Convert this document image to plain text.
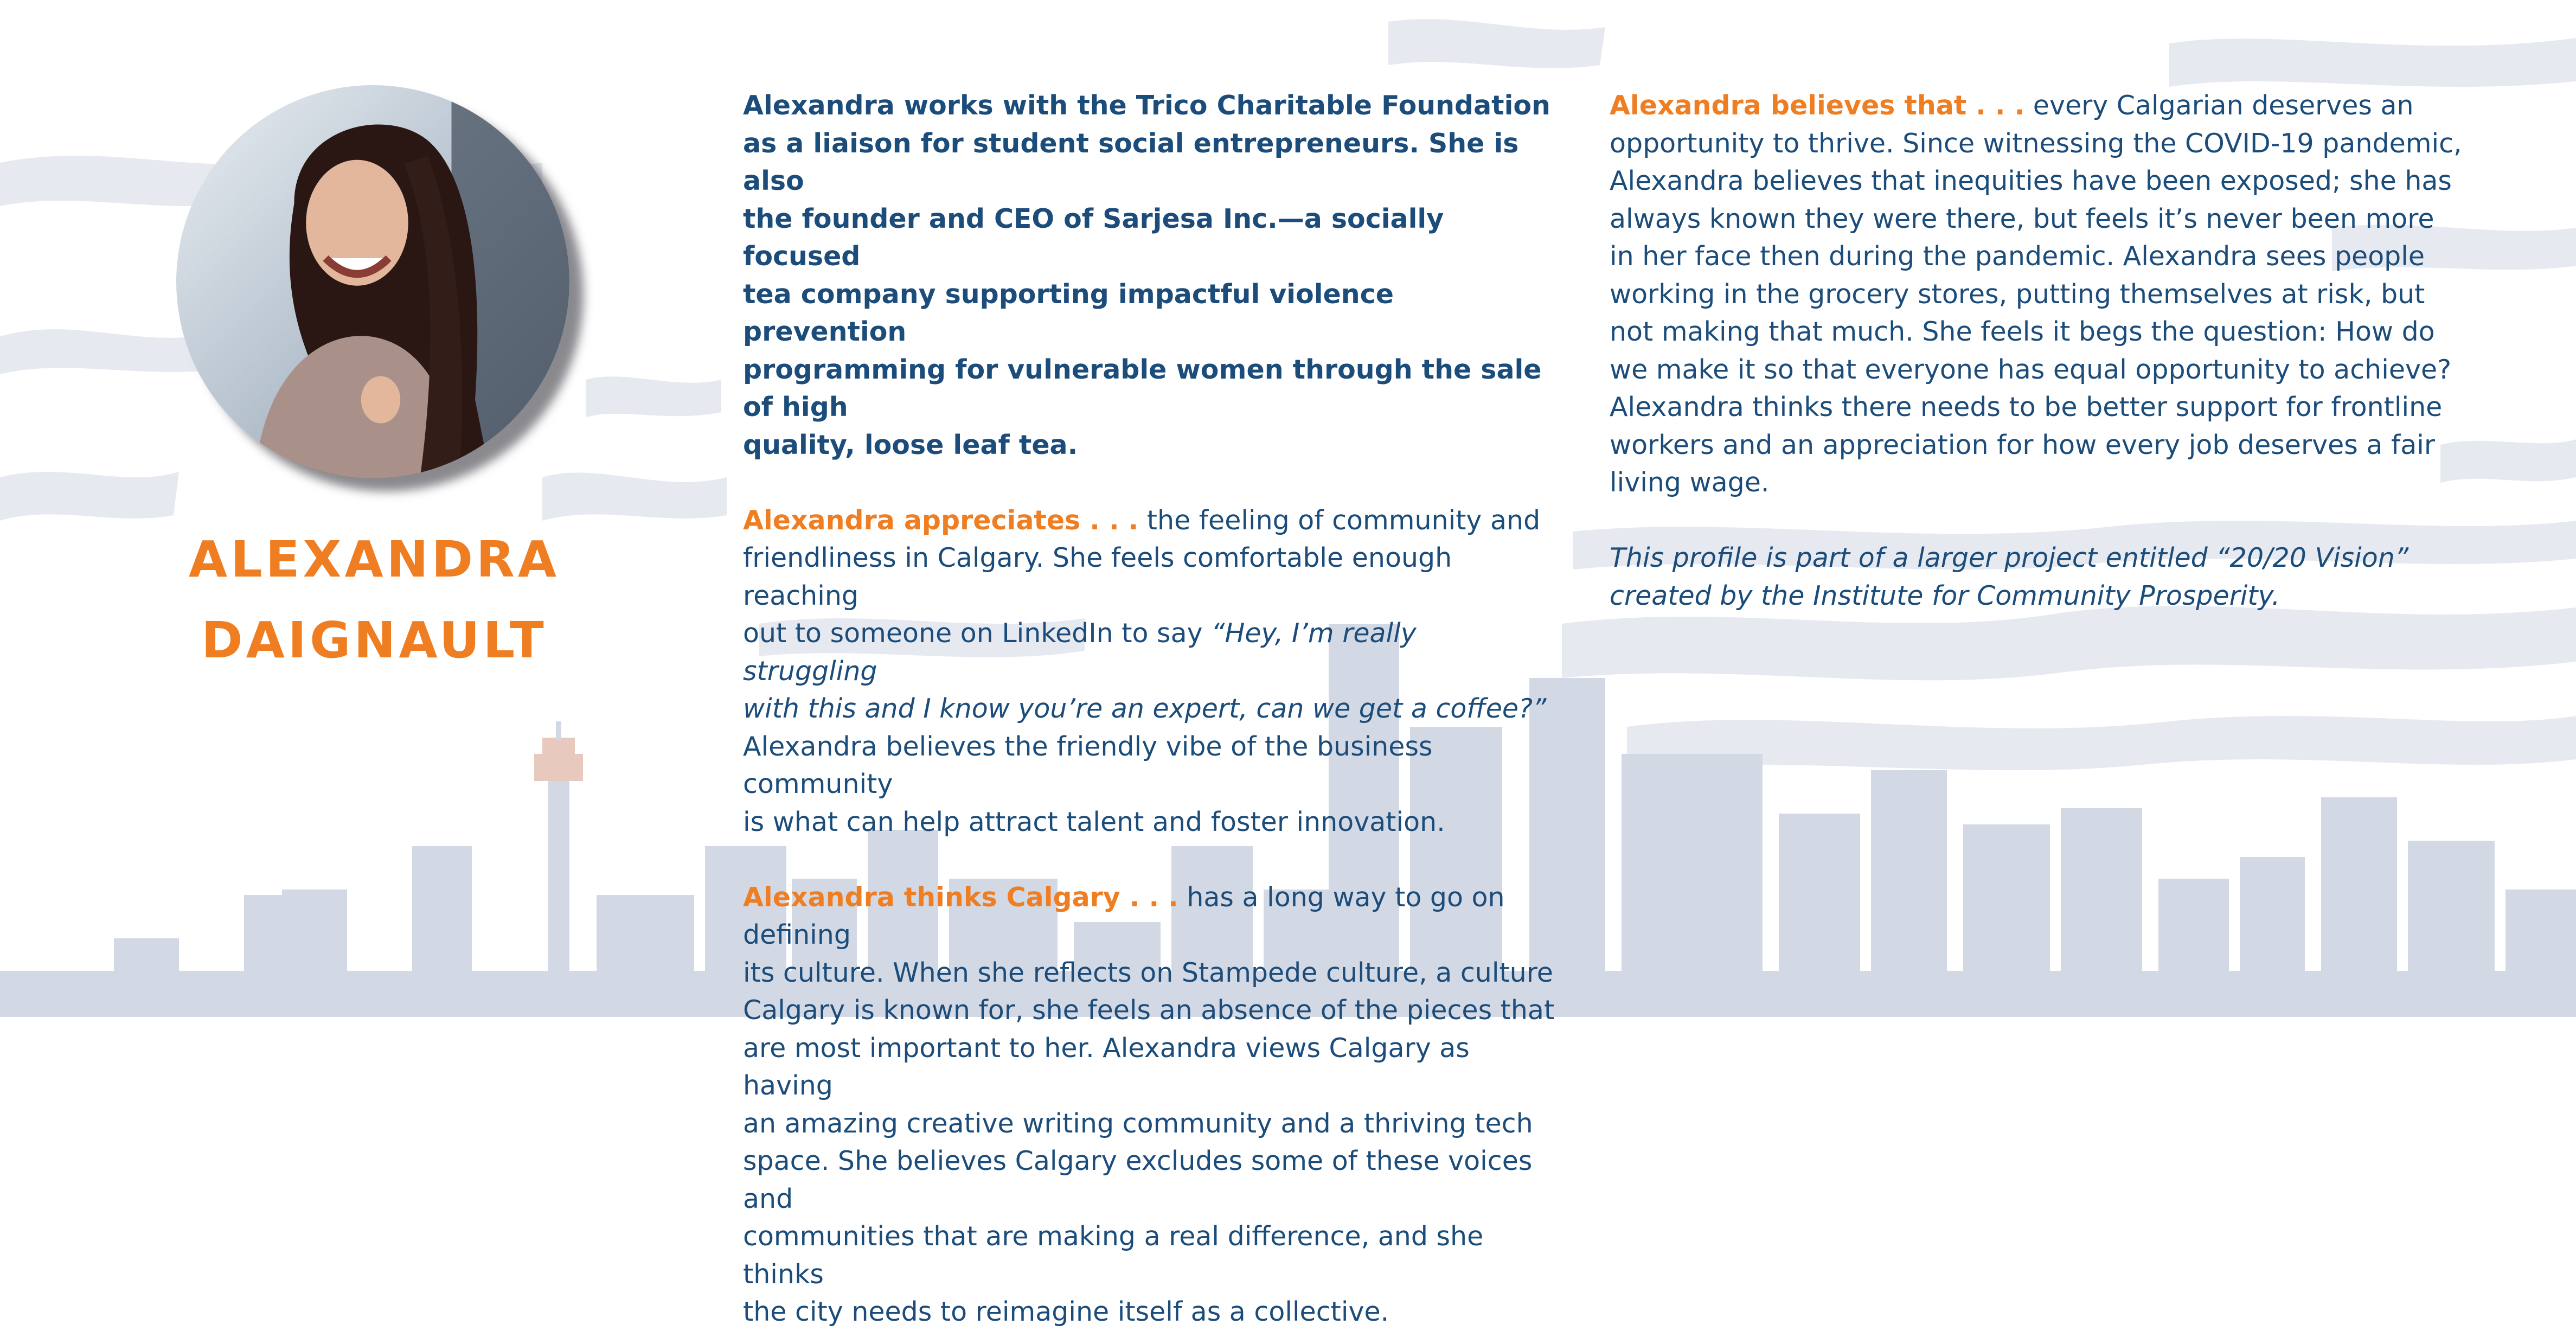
ALEXANDRA
DAIGNAULT

Alexandra works with the Trico Charitable Foundation
as a liaison for student social entrepreneurs. She is also
the founder and CEO of Sarjesa Inc.—a socially focused
tea company supporting impactful violence prevention
programming for vulnerable women through the sale of high
quality, loose leaf tea.

Alexandra appreciates . . . the feeling of community and
friendliness in Calgary. She feels comfortable enough reaching
out to someone on LinkedIn to say “Hey, I’m really struggling
with this and I know you’re an expert, can we get a coffee?”
Alexandra believes the friendly vibe of the business community
is what can help attract talent and foster innovation.

Alexandra thinks Calgary . . . has a long way to go on defining
its culture. When she reflects on Stampede culture, a culture
Calgary is known for, she feels an absence of the pieces that
are most important to her. Alexandra views Calgary as having
an amazing creative writing community and a thriving tech
space. She believes Calgary excludes some of these voices and
communities that are making a real difference, and she thinks
the city needs to reimagine itself as a collective.

Alexandra believes that . . . every Calgarian deserves an
opportunity to thrive. Since witnessing the COVID-19 pandemic,
Alexandra believes that inequities have been exposed; she has
always known they were there, but feels it’s never been more
in her face then during the pandemic. Alexandra sees people
working in the grocery stores, putting themselves at risk, but
not making that much. She feels it begs the question: How do
we make it so that everyone has equal opportunity to achieve?
Alexandra thinks there needs to be better support for frontline
workers and an appreciation for how every job deserves a fair
living wage.

This profile is part of a larger project entitled “20/20 Vision”
created by the Institute for Community Prosperity.
